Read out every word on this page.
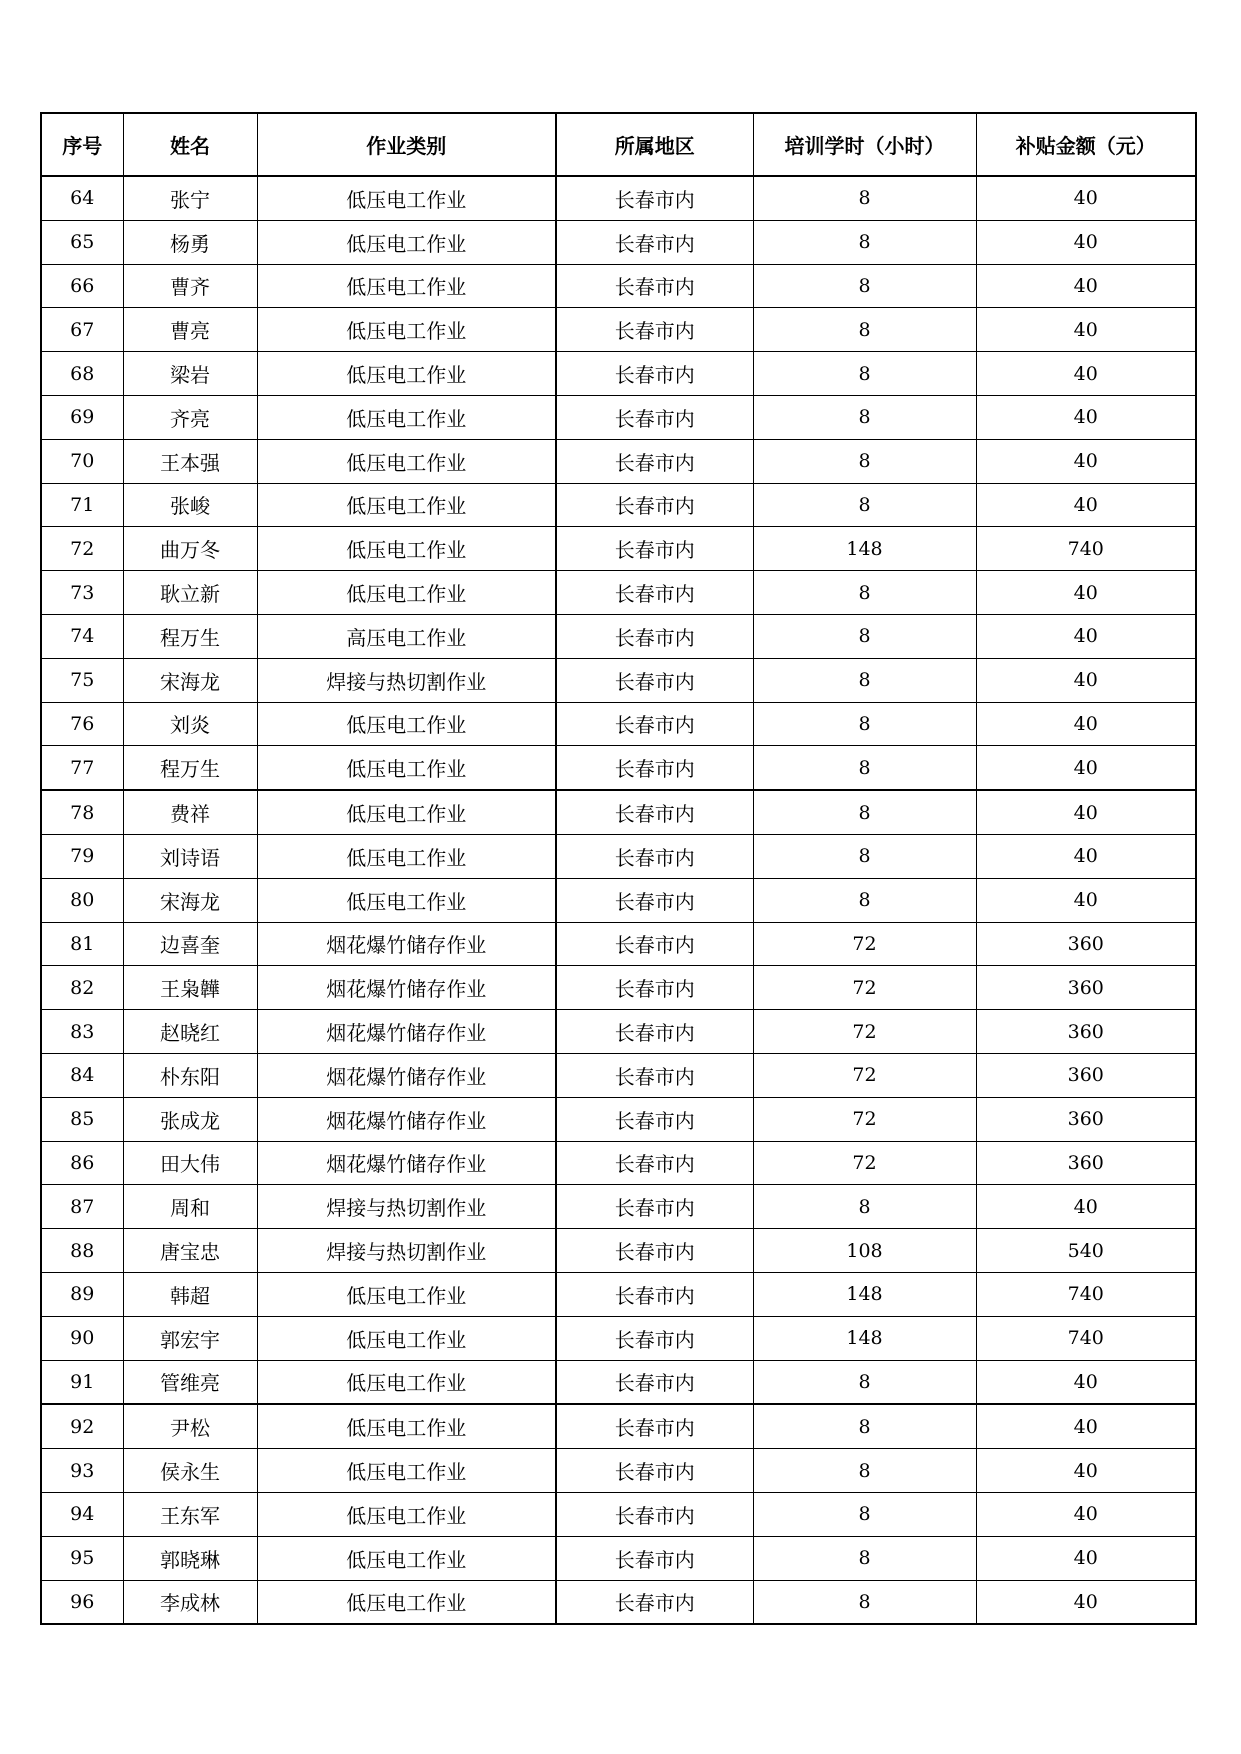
序号	姓名	作业类别	所属地区	培训学时（小时）	补贴金额（元）
64	张宁	低压电工作业	长春市内	8	40
65	杨勇	低压电工作业	长春市内	8	40
66	曹齐	低压电工作业	长春市内	8	40
67	曹亮	低压电工作业	长春市内	8	40
68	梁岩	低压电工作业	长春市内	8	40
69	齐亮	低压电工作业	长春市内	8	40
70	王本强	低压电工作业	长春市内	8	40
71	张峻	低压电工作业	长春市内	8	40
72	曲万冬	低压电工作业	长春市内	148	740
73	耿立新	低压电工作业	长春市内	8	40
74	程万生	高压电工作业	长春市内	8	40
75	宋海龙	焊接与热切割作业	长春市内	8	40
76	刘炎	低压电工作业	长春市内	8	40
77	程万生	低压电工作业	长春市内	8	40
78	费祥	低压电工作业	长春市内	8	40
79	刘诗语	低压电工作业	长春市内	8	40
80	宋海龙	低压电工作业	长春市内	8	40
81	边喜奎	烟花爆竹储存作业	长春市内	72	360
82	王枭韡	烟花爆竹储存作业	长春市内	72	360
83	赵晓红	烟花爆竹储存作业	长春市内	72	360
84	朴东阳	烟花爆竹储存作业	长春市内	72	360
85	张成龙	烟花爆竹储存作业	长春市内	72	360
86	田大伟	烟花爆竹储存作业	长春市内	72	360
87	周和	焊接与热切割作业	长春市内	8	40
88	唐宝忠	焊接与热切割作业	长春市内	108	540
89	韩超	低压电工作业	长春市内	148	740
90	郭宏宇	低压电工作业	长春市内	148	740
91	管维亮	低压电工作业	长春市内	8	40
92	尹松	低压电工作业	长春市内	8	40
93	侯永生	低压电工作业	长春市内	8	40
94	王东军	低压电工作业	长春市内	8	40
95	郭晓琳	低压电工作业	长春市内	8	40
96	李成林	低压电工作业	长春市内	8	40
